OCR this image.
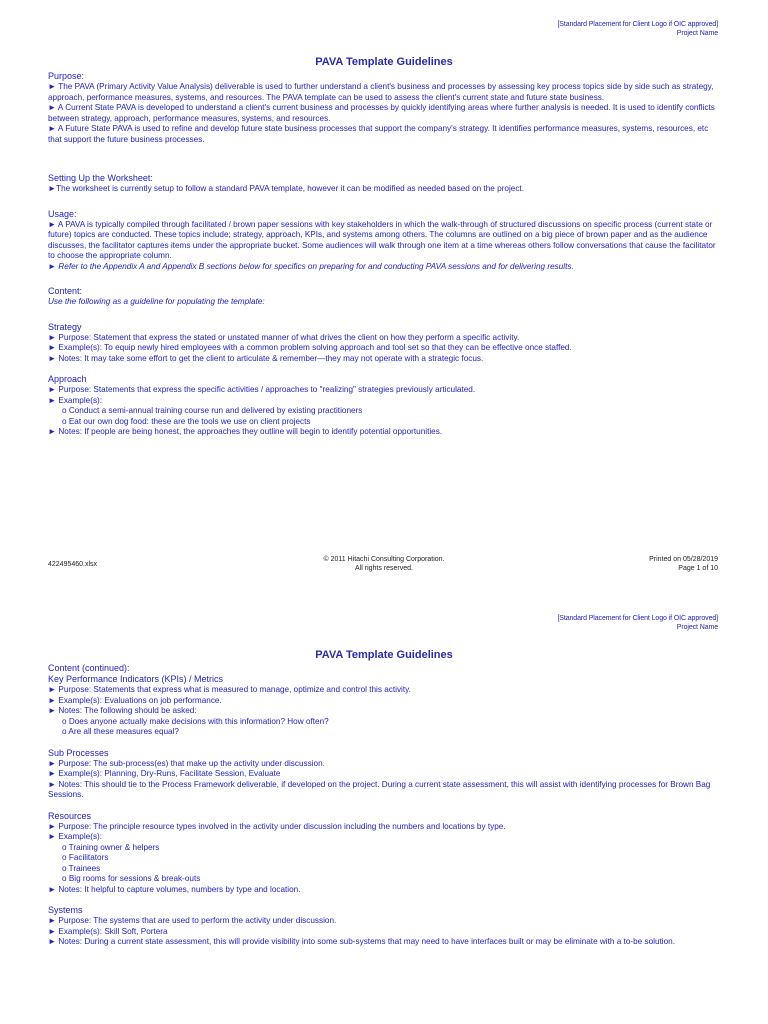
[Standard Placement for Client Logo if OIC approved]
Project Name
PAVA Template Guidelines
Purpose:
► The PAVA (Primary Activity Value Analysis) deliverable is used to further understand a client's business and processes by assessing key process topics side by side such as strategy, approach, performance measures, systems, and resources. The PAVA template can be used to assess the client's current state and future state business.
► A Current State PAVA is developed to understand a client's current business and processes by quickly identifying areas where further analysis is needed. It is used to identify conflicts between strategy, approach, performance measures, systems, and resources.
► A Future State PAVA is used to refine and develop future state business processes that support the company's strategy. It identifies performance measures, systems, resources, etc that support the future business processes.
Setting Up the Worksheet:
►The worksheet is currently setup to follow a standard PAVA template, however it can be modified as needed based on the project.
Usage:
► A PAVA is typically compiled through facilitated / brown paper sessions with key stakeholders in which the walk-through of structured discussions on specific process (current state or future) topics are conducted. These topics include; strategy, approach, KPIs, and systems among others. The columns are outlined on a big piece of brown paper and as the audience discusses, the facilitator captures items under the appropriate bucket. Some audiences will walk through one item at a time whereas others follow conversations that cause the facilitator to choose the appropriate column.
► Refer to the Appendix A and Appendix B sections below for specifics on preparing for and conducting PAVA sessions and for delivering results.
Content:
Use the following as a guideline for populating the template:
Strategy
► Purpose: Statement that express the stated or unstated manner of what drives the client on how they perform a specific activity.
► Example(s): To equip newly hired employees with a common problem solving approach and tool set so that they can be effective once staffed.
► Notes: It may take some effort to get the client to articulate & remember—they may not operate with a strategic focus.
Approach
► Purpose: Statements that express the specific activities / approaches to "realizing" strategies previously articulated.
► Example(s):
o Conduct a semi-annual training course run and delivered by existing practitioners
o Eat our own dog food: these are the tools we use on client projects
► Notes: If people are being honest, the approaches they outline will begin to identify potential opportunities.
422495460.xlsx
© 2011 Hitachi Consulting Corporation.
All rights reserved.
Printed on 05/28/2019
Page 1 of 10
[Standard Placement for Client Logo if OIC approved]
Project Name
PAVA Template Guidelines
Content (continued):
Key Performance Indicators (KPIs) / Metrics
► Purpose: Statements that express what is measured to manage, optimize and control this activity.
► Example(s): Evaluations on job performance.
► Notes: The following should be asked:
o Does anyone actually make decisions with this information? How often?
o Are all these measures equal?
Sub Processes
► Purpose: The sub-process(es) that make up the activity under discussion.
► Example(s): Planning, Dry-Runs, Facilitate Session, Evaluate
► Notes: This should tie to the Process Framework deliverable, if developed on the project. During a current state assessment, this will assist with identifying processes for Brown Bag Sessions.
Resources
► Purpose: The principle resource types involved in the activity under discussion including the numbers and locations by type.
► Example(s):
o Training owner & helpers
o Facilitators
o Trainees
o Big rooms for sessions & break-outs
► Notes: It helpful to capture volumes, numbers by type and location.
Systems
► Purpose: The systems that are used to perform the activity under discussion.
► Example(s): Skill Soft, Portera
► Notes: During a current state assessment, this will provide visibility into some sub-systems that may need to have interfaces built or may be eliminate with a to-be solution.
